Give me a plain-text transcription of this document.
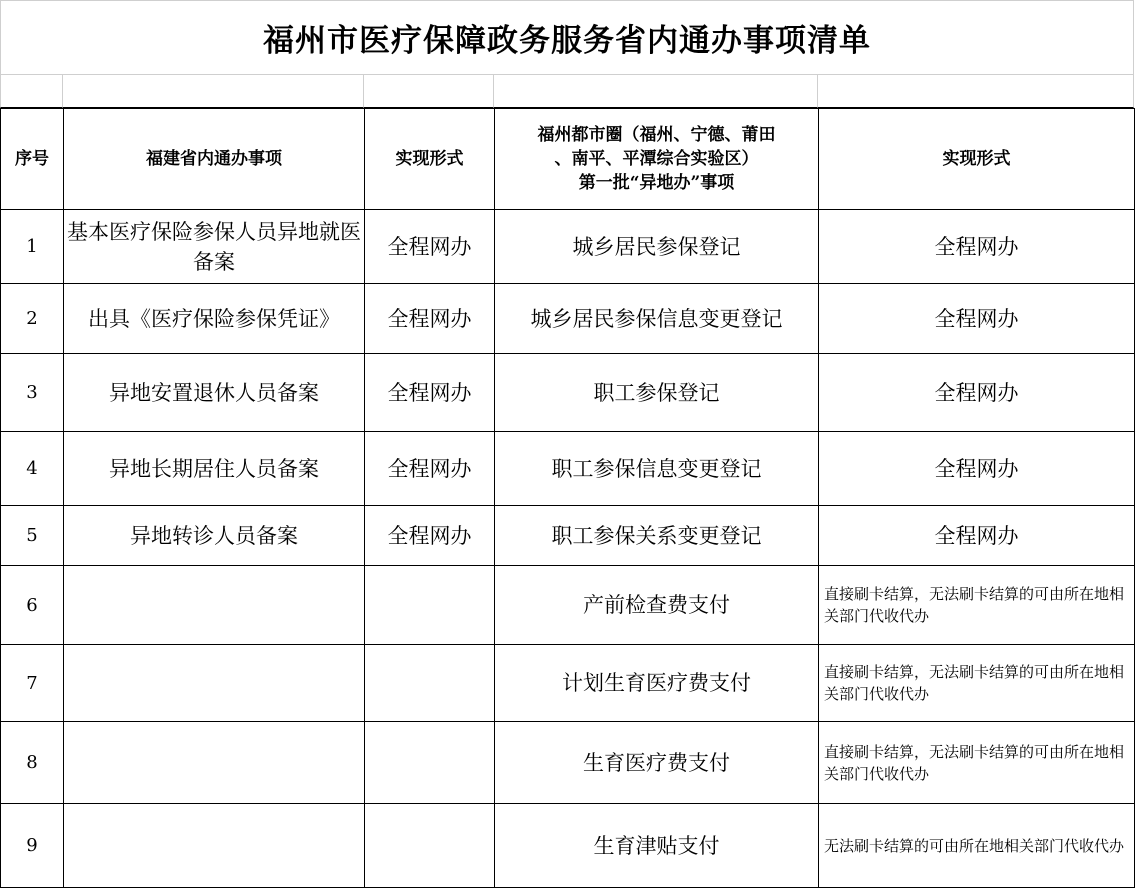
福州市医疗保障政务服务省内通办事项清单
序号	福建省内通办事项	实现形式	福州都市圈（福州、宁德、莆田
、南平、平潭综合实验区）
第一批“异地办”事项	实现形式
1	基本医疗保险参保人员异地就医备案	全程网办	城乡居民参保登记	全程网办
2	出具《医疗保险参保凭证》	全程网办	城乡居民参保信息变更登记	全程网办
3	异地安置退休人员备案	全程网办	职工参保登记	全程网办
4	异地长期居住人员备案	全程网办	职工参保信息变更登记	全程网办
5	异地转诊人员备案	全程网办	职工参保关系变更登记	全程网办
6			产前检查费支付	直接刷卡结算，无法刷卡结算的可由所在地相关部门代收代办
7			计划生育医疗费支付	直接刷卡结算，无法刷卡结算的可由所在地相关部门代收代办
8			生育医疗费支付	直接刷卡结算，无法刷卡结算的可由所在地相关部门代收代办
9			生育津贴支付	无法刷卡结算的可由所在地相关部门代收代办
